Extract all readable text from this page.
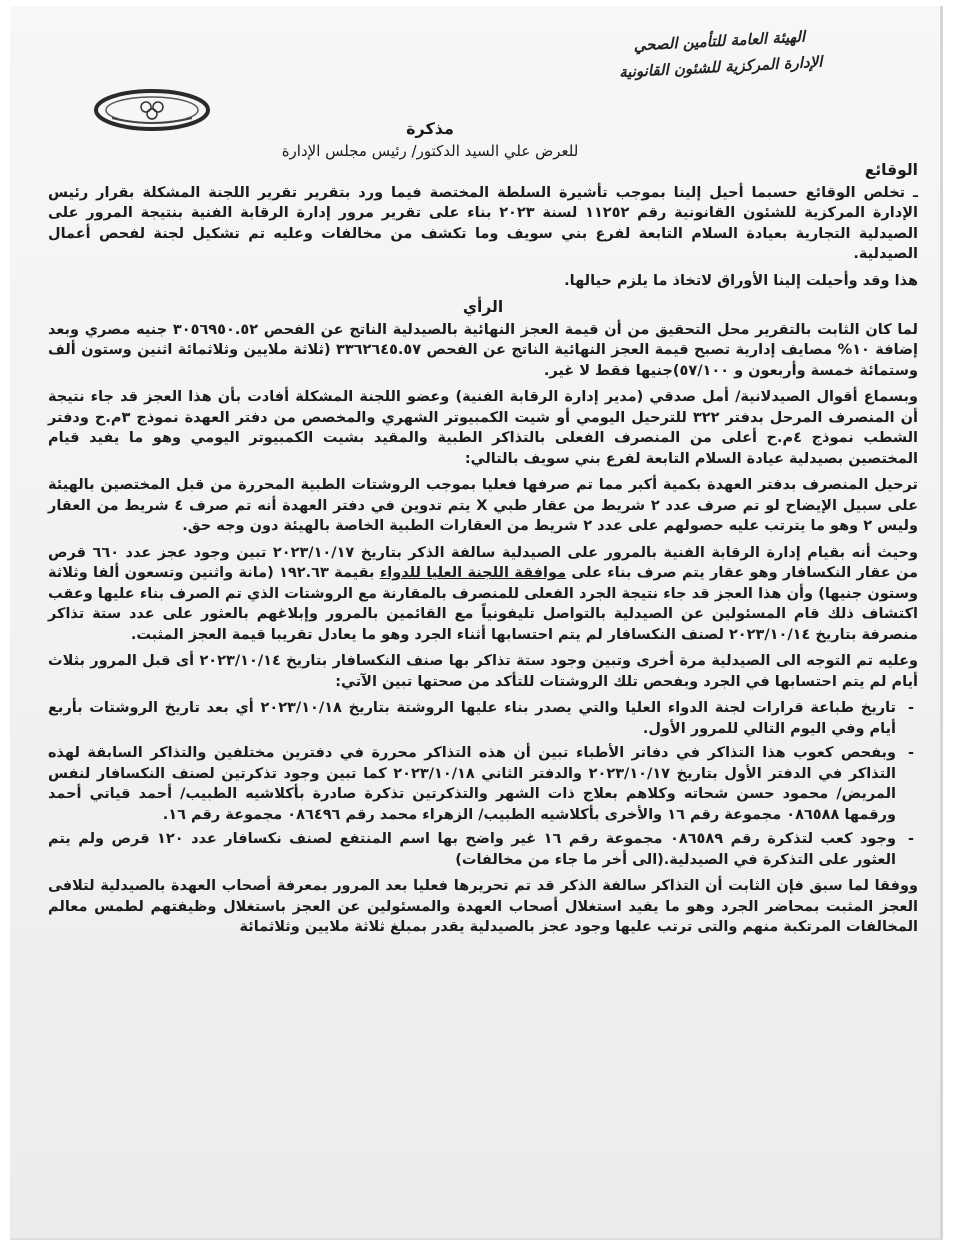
الهيئة العامة للتأمين الصحي
الإدارة المركزية للشئون القانونية
مذكرة
للعرض علي السيد الدكتور/ رئيس مجلس الإدارة
الوقائع

ـ تخلص الوقائع حسبما أحيل إلينا بموجب تأشيرة السلطة المختصة فيما ورد بتقرير تقرير اللجنة المشكلة بقرار رئيس الإدارة المركزية للشئون القانونية رقم ١١٢٥٢ لسنة ٢٠٢٣ بناء على تقرير مرور إدارة الرقابة الفنية بنتيجة المرور على الصيدلية التجارية بعيادة السلام التابعة لفرع بني سويف وما تكشف من مخالفات وعليه تم تشكيل لجنة لفحص أعمال الصيدلية.

هذا وقد وأحيلت إلينا الأوراق لاتخاذ ما يلزم حيالها.

الرأي

لما كان الثابت بالتقرير محل التحقيق من أن قيمة العجز النهائية بالصيدلية الناتج عن الفحص ٣٠٥٦٩٥٠.٥٢ جنيه مصري وبعد إضافة ١٠% مصايف إدارية تصبح قيمة العجز النهائية الناتج عن الفحص ٣٣٦٢٦٤٥.٥٧ (ثلاثة ملايين وثلاثمائة اثنين وستون ألف وستمائة خمسة وأربعون و ٥٧/١٠٠)جنيها فقط لا غير.

وبسماع أقوال الصيدلانية/ أمل صدقي (مدير إدارة الرقابة الفنية) وعضو اللجنة المشكلة أفادت بأن هذا العجز قد جاء نتيجة أن المنصرف المرحل بدفتر ٣٢٢ للترحيل اليومي أو شيت الكمبيوتر الشهري والمخصص من دفتر العهدة نموذج ٣م.ح ودفتر الشطب نموذج ٤م.ح أعلى من المنصرف الفعلى بالتذاكر الطبية والمقيد بشيت الكمبيوتر اليومي وهو ما يفيد قيام المختصين بصيدلية عيادة السلام التابعة لفرع بني سويف بالتالي:

ترحيل المنصرف بدفتر العهدة بكمية أكبر مما تم صرفها فعليا بموجب الروشتات الطبية المحررة من قبل المختصين بالهيئة على سبيل الإيضاح لو تم صرف عدد ٢ شريط من عقار طبي X يتم تدوين في دفتر العهدة أنه تم صرف ٤ شريط من العقار وليس ٢ وهو ما يترتب عليه حصولهم على عدد ٢ شريط من العقارات الطبية الخاصة بالهيئة دون وجه حق.

وحيث أنه بقيام إدارة الرقابة الفنية بالمرور على الصيدلية سالفة الذكر بتاريخ ٢٠٢٣/١٠/١٧ تبين وجود عجز عدد ٦٦٠ قرص من عقار النكسافار وهو عقار يتم صرف بناء على موافقة اللجنة العليا للدواء بقيمة ١٩٢.٦٣ (مانة واثنين وتسعون ألفا وثلاثة وستون جنيها) وأن هذا العجز قد جاء نتيجة الجرد الفعلى للمنصرف بالمقارنة مع الروشتات الذي تم الصرف بناء عليها وعقب اكتشاف ذلك قام المسئولين عن الصيدلية بالتواصل تليفونياً مع القائمين بالمرور وإبلاغهم بالعثور على عدد ستة تذاكر منصرفة بتاريخ ٢٠٢٣/١٠/١٤ لصنف النكسافار لم يتم احتسابها أثناء الجرد وهو ما يعادل تقريبا قيمة العجز المثبت.

وعليه تم التوجه الى الصيدلية مرة أخرى وتبين وجود ستة تذاكر بها صنف النكسافار بتاريخ ٢٠٢٣/١٠/١٤ أى قبل المرور بثلاث أيام لم يتم احتسابها في الجرد وبفحص تلك الروشتات للتأكد من صحتها تبين الآتي:

- تاريخ طباعة قرارات لجنة الدواء العليا والتي يصدر بناء عليها الروشتة بتاريخ ٢٠٢٣/١٠/١٨ أي بعد تاريخ الروشتات بأربع أيام وفي اليوم التالي للمرور الأول.
- وبفحص كعوب هذا التذاكر في دفاتر الأطباء تبين أن هذه التذاكر محررة في دفترين مختلفين والتذاكر السابقة لهذه التذاكر في الدفتر الأول بتاريخ ٢٠٢٣/١٠/١٧ والدفتر الثاني ٢٠٢٣/١٠/١٨ كما تبين وجود تذكرتين لصنف النكسافار لنفس المريض/ محمود حسن شحاته وكلاهم بعلاج ذات الشهر والتذكرتين تذكرة صادرة بأكلاشيه الطبيب/ أحمد قياتي أحمد ورقمها ٠٨٦٥٨٨ مجموعة رقم ١٦ والأخرى بأكلاشيه الطبيب/ الزهراء محمد رقم ٠٨٦٤٩٦ مجموعة رقم ١٦.
- وجود كعب لتذكرة رقم ٠٨٦٥٨٩ مجموعة رقم ١٦ غير واضح بها اسم المنتفع لصنف نكسافار عدد ١٢٠ قرص ولم يتم العثور على التذكرة في الصيدلية.(الى أخر ما جاء من مخالفات)

ووفقا لما سبق فإن الثابت أن التذاكر سالفة الذكر قد تم تحريرها فعليا بعد المرور بمعرفة أصحاب العهدة بالصيدلية لتلافى العجز المثبت بمحاضر الجرد وهو ما يفيد استغلال أصحاب العهدة والمسئولين عن العجز باستغلال وظيفتهم لطمس معالم المخالفات المرتكبة منهم والتى ترتب عليها وجود عجز بالصيدلية يقدر بمبلغ ثلاثة ملايين وثلاثمائة
